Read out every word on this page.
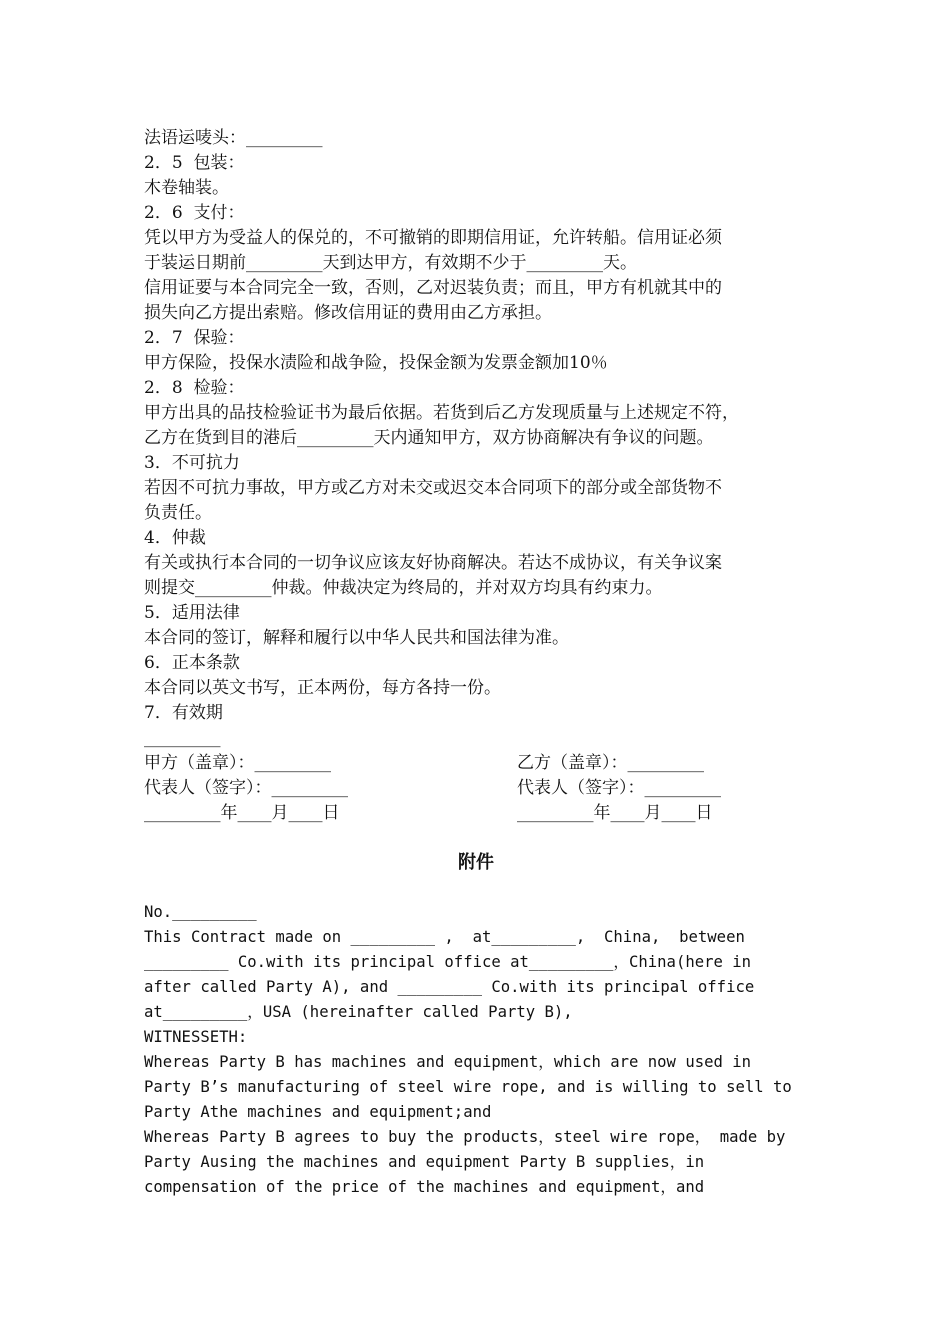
法语运唛头：_________
2．5  包装：
木卷轴装。
2．6  支付：
凭以甲方为受益人的保兑的，不可撤销的即期信用证，允许转船。信用证必须
于装运日期前_________天到达甲方，有效期不少于_________天。
信用证要与本合同完全一致，否则，乙对迟装负责；而且，甲方有机就其中的
损失向乙方提出索赔。修改信用证的费用由乙方承担。
2．7  保验：
甲方保险，投保水渍险和战争险，投保金额为发票金额加10％
2．8  检验：
甲方出具的品技检验证书为最后依据。若货到后乙方发现质量与上述规定不符，
乙方在货到目的港后_________天内通知甲方，双方协商解决有争议的问题。
3．不可抗力
若因不可抗力事故，甲方或乙方对未交或迟交本合同项下的部分或全部货物不
负责任。
4．仲裁
有关或执行本合同的一切争议应该友好协商解决。若达不成协议，有关争议案
则提交_________仲裁。仲裁决定为终局的，并对双方均具有约束力。
5．适用法律
本合同的签订，解释和履行以中华人民共和国法律为准。
6．正本条款
本合同以英文书写，正本两份，每方各持一份。
7．有效期
_________
甲方（盖章）：_________	乙方（盖章）：_________
代表人（签字）：_________	代表人（签字）：_________
_________年____月____日	_________年____月____日
附件
No._________
This Contract made on _________ ,  at_________,  China,  between
_________ Co.with its principal office at_________，China(here in
after called Party A), and _________ Co.with its principal office
at_________，USA (hereinafter called Party B),
WITNESSETH:
Whereas Party B has machines and equipment，which are now used in
Party B’s manufacturing of steel wire rope, and is willing to sell to
Party Athe machines and equipment;and
Whereas Party B agrees to buy the products，steel wire rope， made by
Party Ausing the machines and equipment Party B supplies，in
compensation of the price of the machines and equipment，and
